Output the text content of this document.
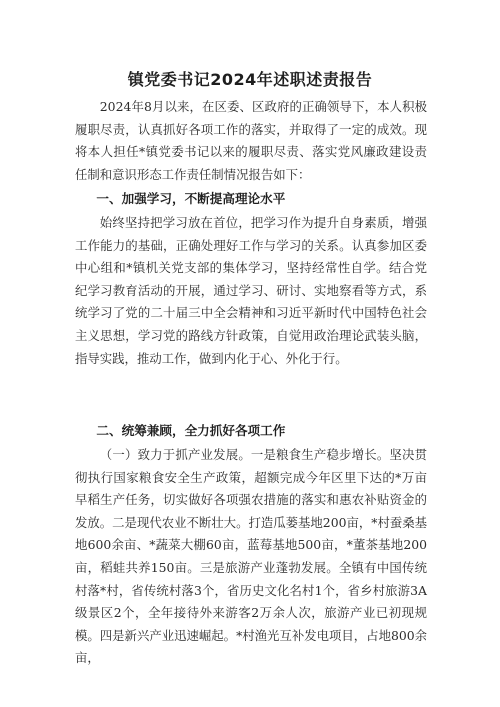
镇党委书记2024年述职述责报告

2024年8月以来，在区委、区政府的正确领导下，本人积极履职尽责，认真抓好各项工作的落实，并取得了一定的成效。现将本人担任*镇党委书记以来的履职尽责、落实党风廉政建设责任制和意识形态工作责任制情况报告如下：

一、加强学习，不断提高理论水平

始终坚持把学习放在首位，把学习作为提升自身素质，增强工作能力的基础，正确处理好工作与学习的关系。认真参加区委中心组和*镇机关党支部的集体学习，坚持经常性自学。结合党纪学习教育活动的开展，通过学习、研讨、实地察看等方式，系统学习了党的二十届三中全会精神和习近平新时代中国特色社会主义思想，学习党的路线方针政策，自觉用政治理论武装头脑，指导实践，推动工作，做到内化于心、外化于行。

二、统筹兼顾，全力抓好各项工作

（一）致力于抓产业发展。一是粮食生产稳步增长。坚决贯彻执行国家粮食安全生产政策，超额完成今年区里下达的*万亩早稻生产任务，切实做好各项强农措施的落实和惠农补贴资金的发放。二是现代农业不断壮大。打造瓜蒌基地200亩，*村蚕桑基地600余亩、*蔬菜大棚60亩，蓝莓基地500亩，*董茶基地200亩，稻蛙共养150亩。三是旅游产业蓬勃发展。全镇有中国传统村落*村，省传统村落3个，省历史文化名村1个，省乡村旅游3A级景区2个，全年接待外来游客2万余人次，旅游产业已初现规模。四是新兴产业迅速崛起。*村渔光互补发电项目，占地800余亩，
